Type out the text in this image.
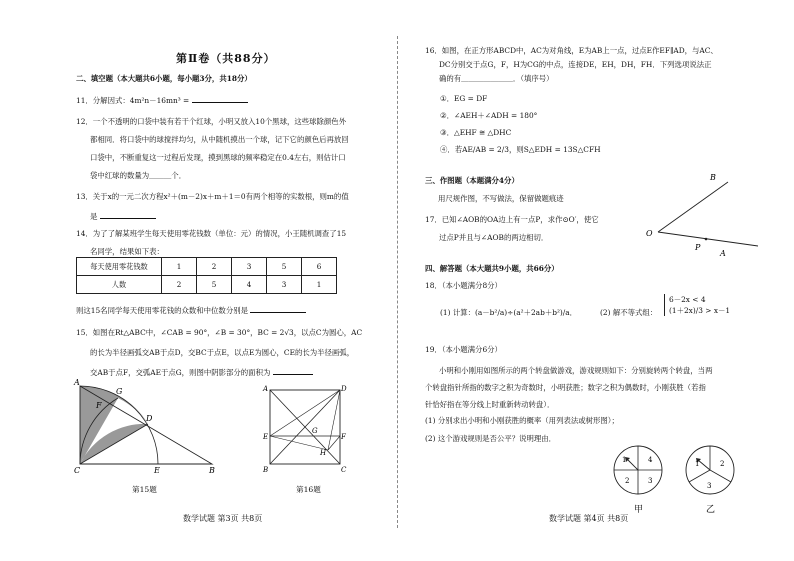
第Ⅱ卷（共88分）
二、填空题（本大题共6小题，每小题3分，共18分）
11．分解因式：4m²n－16mn³ =
12．一个不透明的口袋中装有若干个红球，小明又放入10个黑球，这些球除颜色外
都相同．将口袋中的球搅拌均匀，从中随机摸出一个球，记下它的颜色后再放回
口袋中，不断重复这一过程后发现，摸到黑球的频率稳定在0.4左右，则估计口
袋中红球的数量为＿＿＿个．
13．关于x的一元二次方程x²＋(m－2)x＋m＋1＝0有两个相等的实数根，则m的值
是
14．为了了解某班学生每天使用零花钱数（单位：元）的情况，小王随机调查了15
名同学，结果如下表：
每天使用零花钱数	1	2	3	5	6
人数	2	5	4	3	1
则这15名同学每天使用零花钱的众数和中位数分别是
15．如图在Rt△ABC中，∠CAB = 90°，∠B = 30°，BC = 2√3，以点C为圆心，AC
的长为半径画弧交AB于点D，交BC于点E，以点E为圆心，CE的长为半径画弧，
交AB于点F，交弧AE于点G，则图中阴影部分的面积为
A
G
F
D
C	E	B
第15题
A	D
E
G
F
H
B	C
第16题
数学试题 第3页 共8页
16．如图，在正方形ABCD中，AC为对角线，E为AB上一点，过点E作EF∥AD，与AC、
DC分别交于点G，F，H为CG的中点，连接DE，EH，DH，FH．下列选项说法正
确的有＿＿＿＿＿＿＿．（填序号）
①．EG = DF
②．∠AEH＋∠ADH = 180°
③．△EHF ≅ △DHC
④．若AE/AB = 2/3，则S△EDH = 13S△CFH
三、作图题（本题满分4分）
用尺规作图，不写做法，保留做题痕迹
17．已知∠AOB的OA边上有一点P，求作⊙O′，使它
过点P并且与∠AOB的两边相切．
B
O
P
A
四、解答题（本大题共9小题，共66分）
18．（本小题满分8分）
(1) 计算：(a－b²/a)÷(a²＋2ab＋b²)/a．	(2) 解不等式组：
6－2x < 4
(1＋2x)/3 > x－1
19．（本小题满分6分）
小明和小刚用如图所示的两个转盘做游戏，游戏规则如下：分别旋转两个转盘，当两
个转盘指针所指的数字之积为奇数时，小明获胜；数字之积为偶数时，小刚获胜（若指
针恰好指在等分线上时重新转动转盘）．
(1) 分别求出小明和小刚获胜的概率（用列表法或树形图）；
(2) 这个游戏规则是否公平？说明理由．
1	4
2	3
甲
1	2
3
乙
数学试题 第4页 共8页
